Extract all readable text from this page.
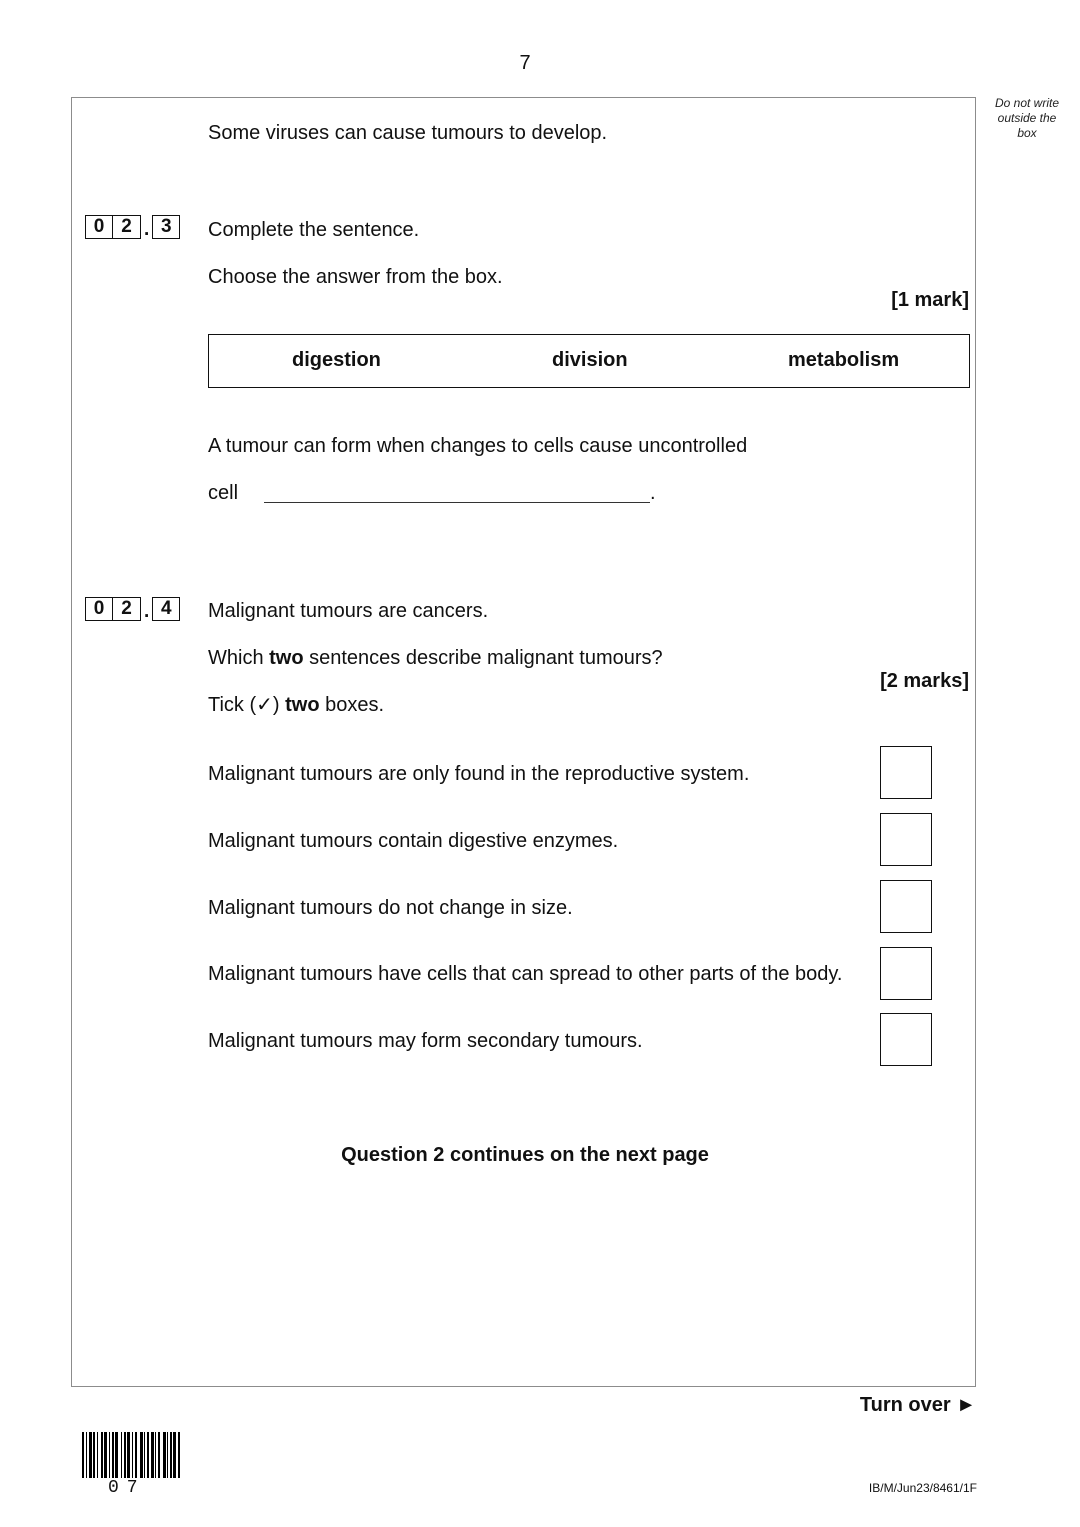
7
Do not write
outside the
box
Some viruses can cause tumours to develop.
0 2 . 3	Complete the sentence.
Choose the answer from the box.
[1 mark]
digestion	division	metabolism
A tumour can form when changes to cells cause uncontrolled
cell	.
0 2 . 4	Malignant tumours are cancers.
Which two sentences describe malignant tumours?
[2 marks]
Tick (✓) two boxes.
Malignant tumours are only found in the reproductive system.
Malignant tumours contain digestive enzymes.
Malignant tumours do not change in size.
Malignant tumours have cells that can spread to other parts of the body.
Malignant tumours may form secondary tumours.
Question 2 continues on the next page
Turn over ►
07	IB/M/Jun23/8461/1F
